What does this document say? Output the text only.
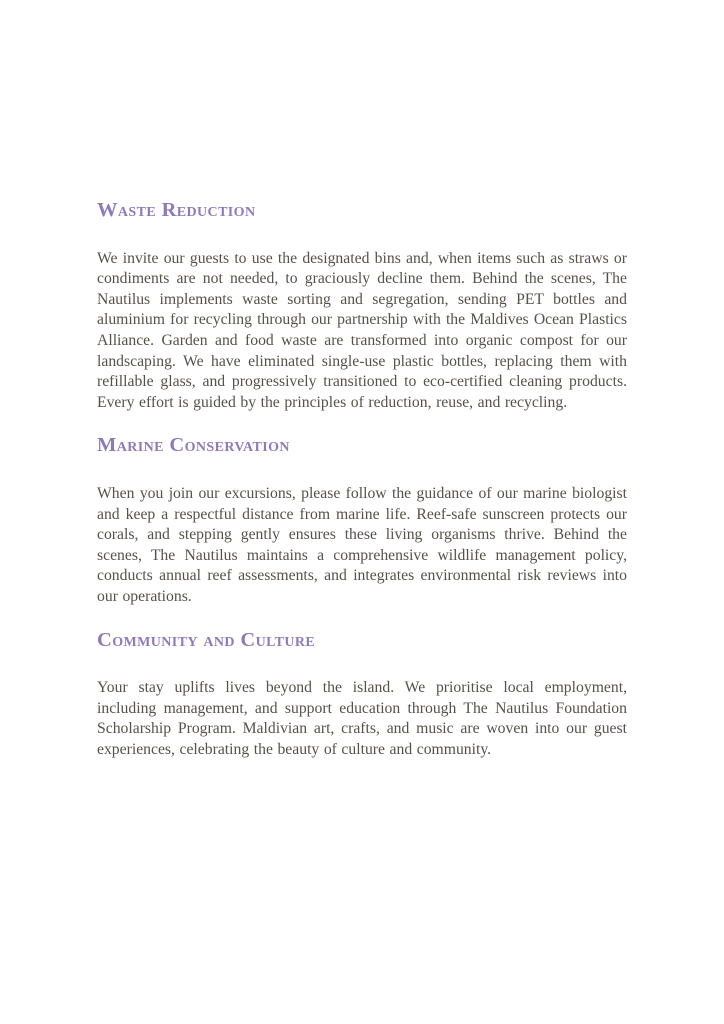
Waste Reduction

We invite our guests to use the designated bins and, when items such as straws or condiments are not needed, to graciously decline them. Behind the scenes, The Nautilus implements waste sorting and segregation, sending PET bottles and aluminium for recycling through our partnership with the Maldives Ocean Plastics Alliance. Garden and food waste are transformed into organic compost for our landscaping. We have eliminated single-use plastic bottles, replacing them with refillable glass, and progressively transitioned to eco-certified cleaning products. Every effort is guided by the principles of reduction, reuse, and recycling.

Marine Conservation

When you join our excursions, please follow the guidance of our marine biologist and keep a respectful distance from marine life. Reef-safe sunscreen protects our corals, and stepping gently ensures these living organisms thrive. Behind the scenes, The Nautilus maintains a comprehensive wildlife management policy, conducts annual reef assessments, and integrates environmental risk reviews into our operations.

Community and Culture

Your stay uplifts lives beyond the island. We prioritise local employment, including management, and support education through The Nautilus Foundation Scholarship Program. Maldivian art, crafts, and music are woven into our guest experiences, celebrating the beauty of culture and community.
